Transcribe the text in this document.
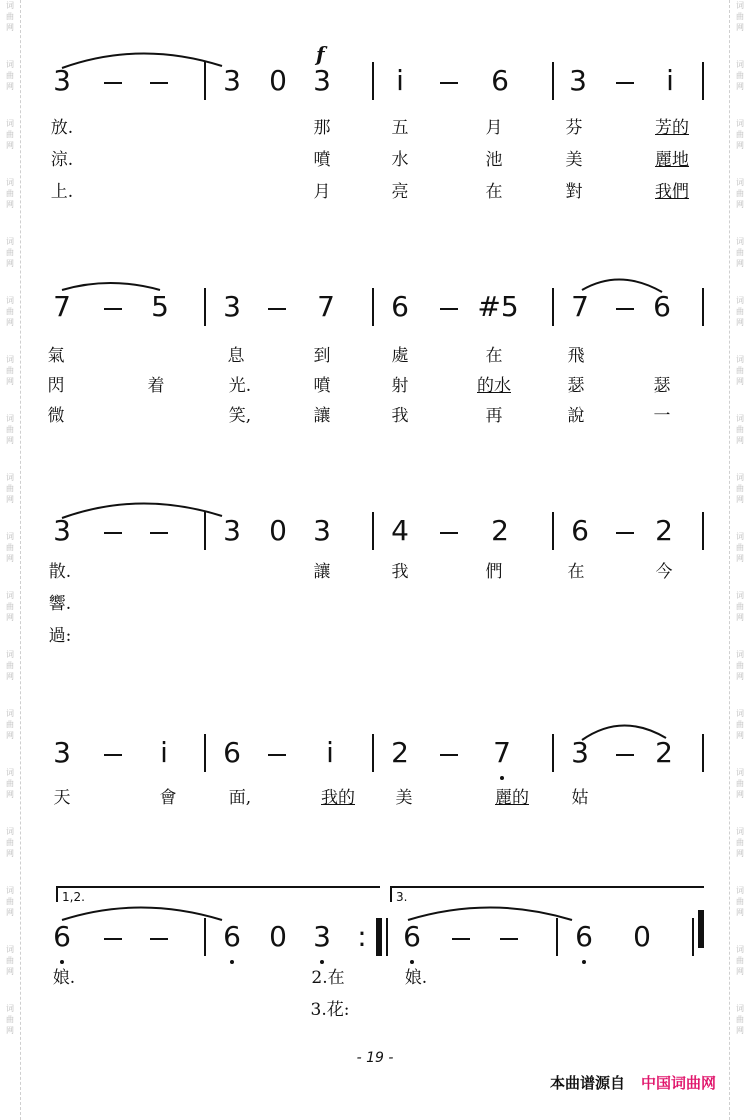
词
曲
网
词
曲
网
词
曲
网
词
曲
网
词
曲
网
词
曲
网
词
曲
网
词
曲
网
词
曲
网
词
曲
网
词
曲
网
词
曲
网
词
曲
网
词
曲
网
词
曲
网
词
曲
网
词
曲
网
词
曲
网
词
曲
网
词
曲
网
词
曲
网
词
曲
网
词
曲
网
词
曲
网
词
曲
网
词
曲
网
词
曲
网
词
曲
网
词
曲
网
词
曲
网
词
曲
网
词
曲
网
词
曲
网
词
曲
网
词
曲
网
词
曲
网
f
3	3 0 3 i	6 3	i
放.	那	五	月	芬	芳的
涼.	噴	水	池	美	麗地
上.	月	亮	在	對	我們
7	5 3	7 6 #5 7 6
氣	息	到	處	在	飛
閃	着	光.	噴	射	的水	瑟	瑟
微	笑,	讓	我	再	說	一
3	3 0 3 4	2 6 2
散.	讓	我	們	在	今
響.
過:
3	i 6	i 2	7 3 2
天	會	面,	我的 美	麗的	姑
1,2.	3.
6	6 0 3 : 6	6 0
娘.	2.在	娘.
3.花:
- 19 -
本曲谱源自 中国词曲网
